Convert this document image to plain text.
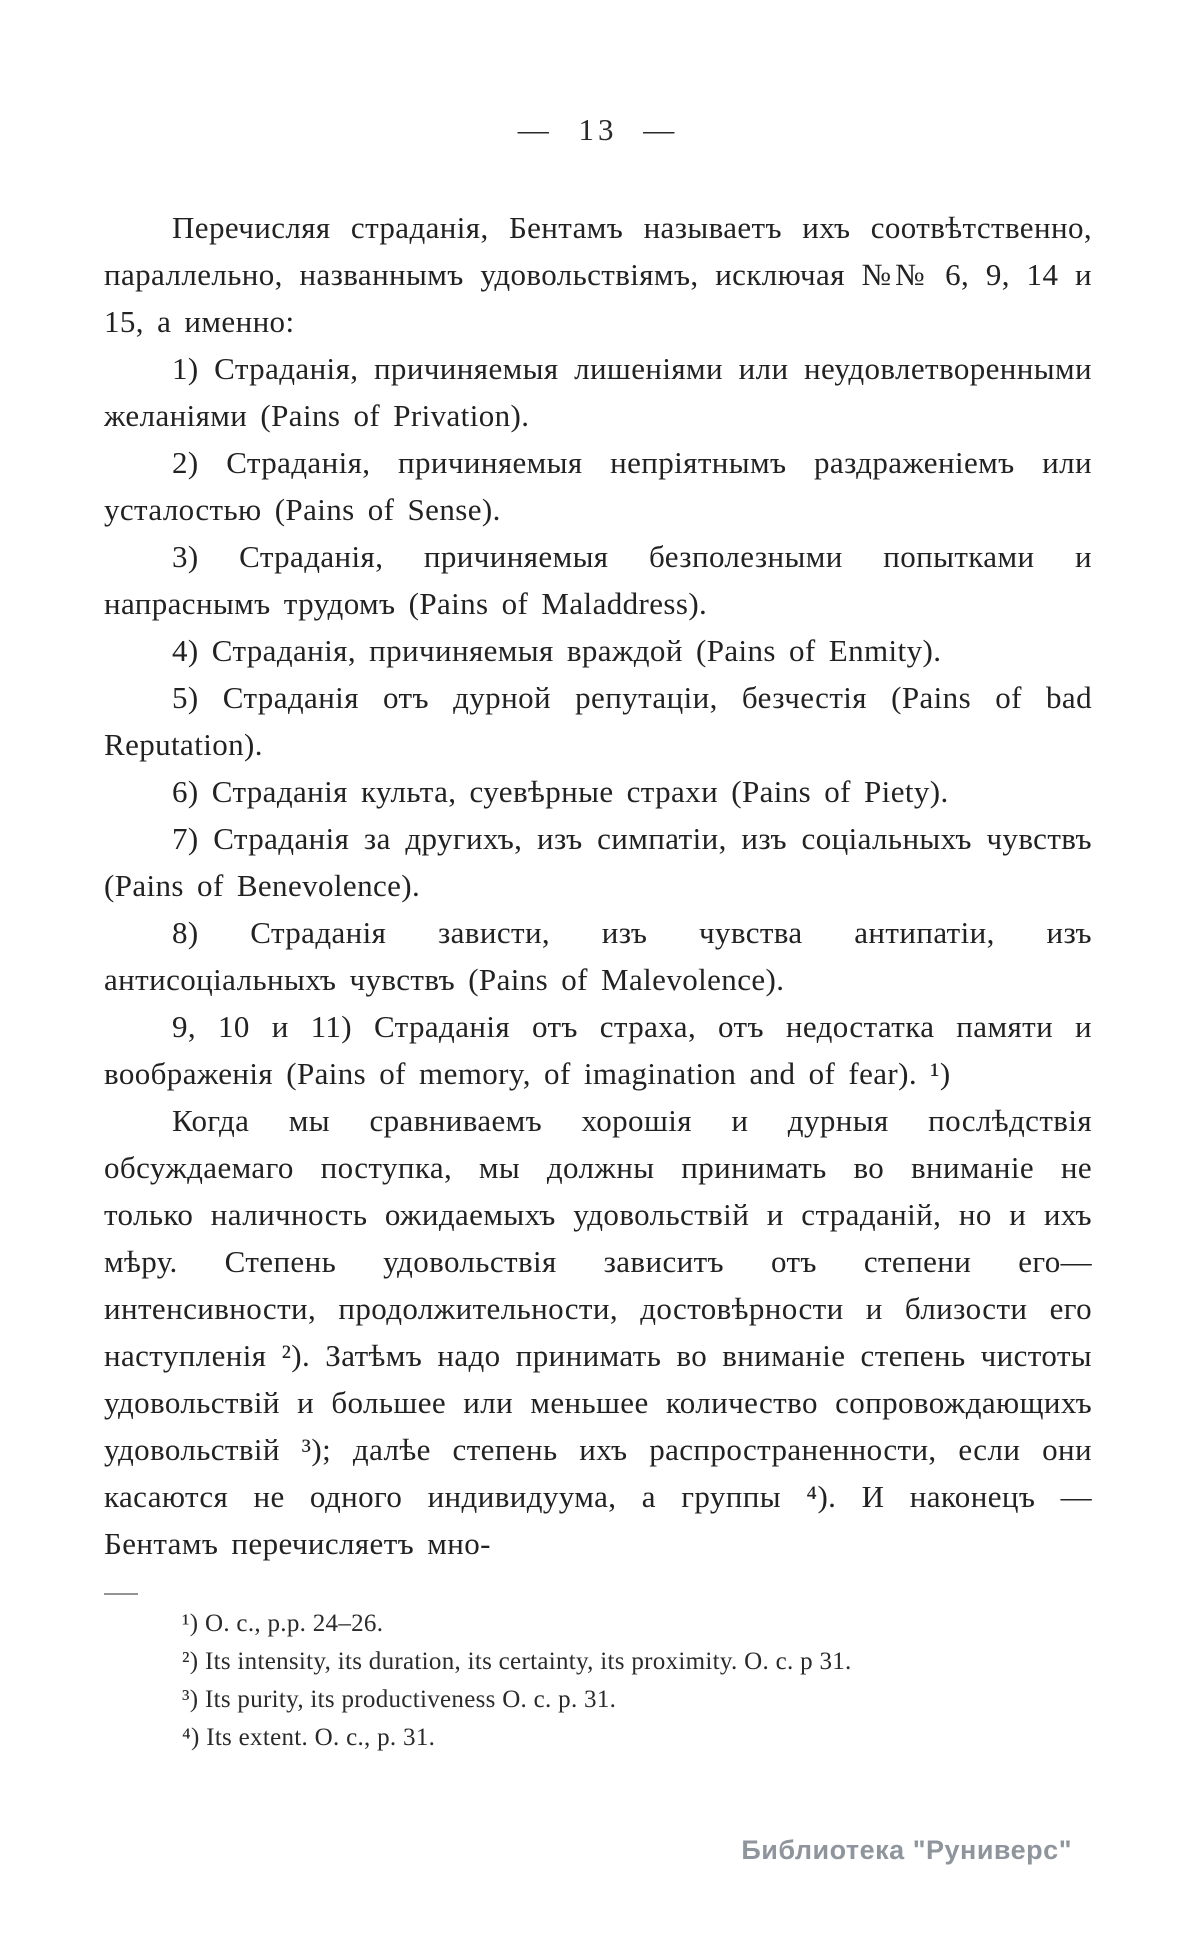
— 13 —

Перечисляя страданія, Бентамъ называетъ ихъ соотвѣтственно, параллельно, названнымъ удовольствіямъ, исключая №№ 6, 9, 14 и 15, а именно:

1) Страданія, причиняемыя лишеніями или неудовлетворенными желаніями (Pains of Privation).

2) Страданія, причиняемыя непріятнымъ раздраженіемъ или усталостью (Pains of Sense).

3) Страданія, причиняемыя безполезными попытками и напраснымъ трудомъ (Pains of Maladdress).

4) Страданія, причиняемыя враждой (Pains of Enmity).

5) Страданія отъ дурной репутаціи, безчестія (Pains of bad Reputation).

6) Страданія культа, суевѣрные страхи (Pains of Piety).

7) Страданія за другихъ, изъ симпатіи, изъ соціальныхъ чувствъ (Pains of Benevolence).

8) Страданія зависти, изъ чувства антипатіи, изъ антисоціальныхъ чувствъ (Pains of Malevolence).

9, 10 и 11) Страданія отъ страха, отъ недостатка памяти и воображенія (Pains of memory, of imagination and of fear). ¹)

Когда мы сравниваемъ хорошія и дурныя послѣдствія обсуждаемаго поступка, мы должны принимать во вниманіе не только наличность ожидаемыхъ удовольствій и страданій, но и ихъ мѣру. Степень удовольствія зависитъ отъ степени его—интенсивности, продолжительности, достовѣрности и близости его наступленія ²). Затѣмъ надо принимать во вниманіе степень чистоты удовольствій и большее или меньшее количество сопровождающихъ удовольствій ³); далѣе степень ихъ распространенности, если они касаются не одного индивидуума, а группы ⁴). И наконецъ — Бентамъ перечисляетъ мно-

¹) O. c., p.p. 24–26.

²) Its intensity, its duration, its certainty, its proximity. O. c. p 31.

³) Its purity, its productiveness O. c. p. 31.

⁴) Its extent. O. c., p. 31.

Библиотека "Руниверс"
